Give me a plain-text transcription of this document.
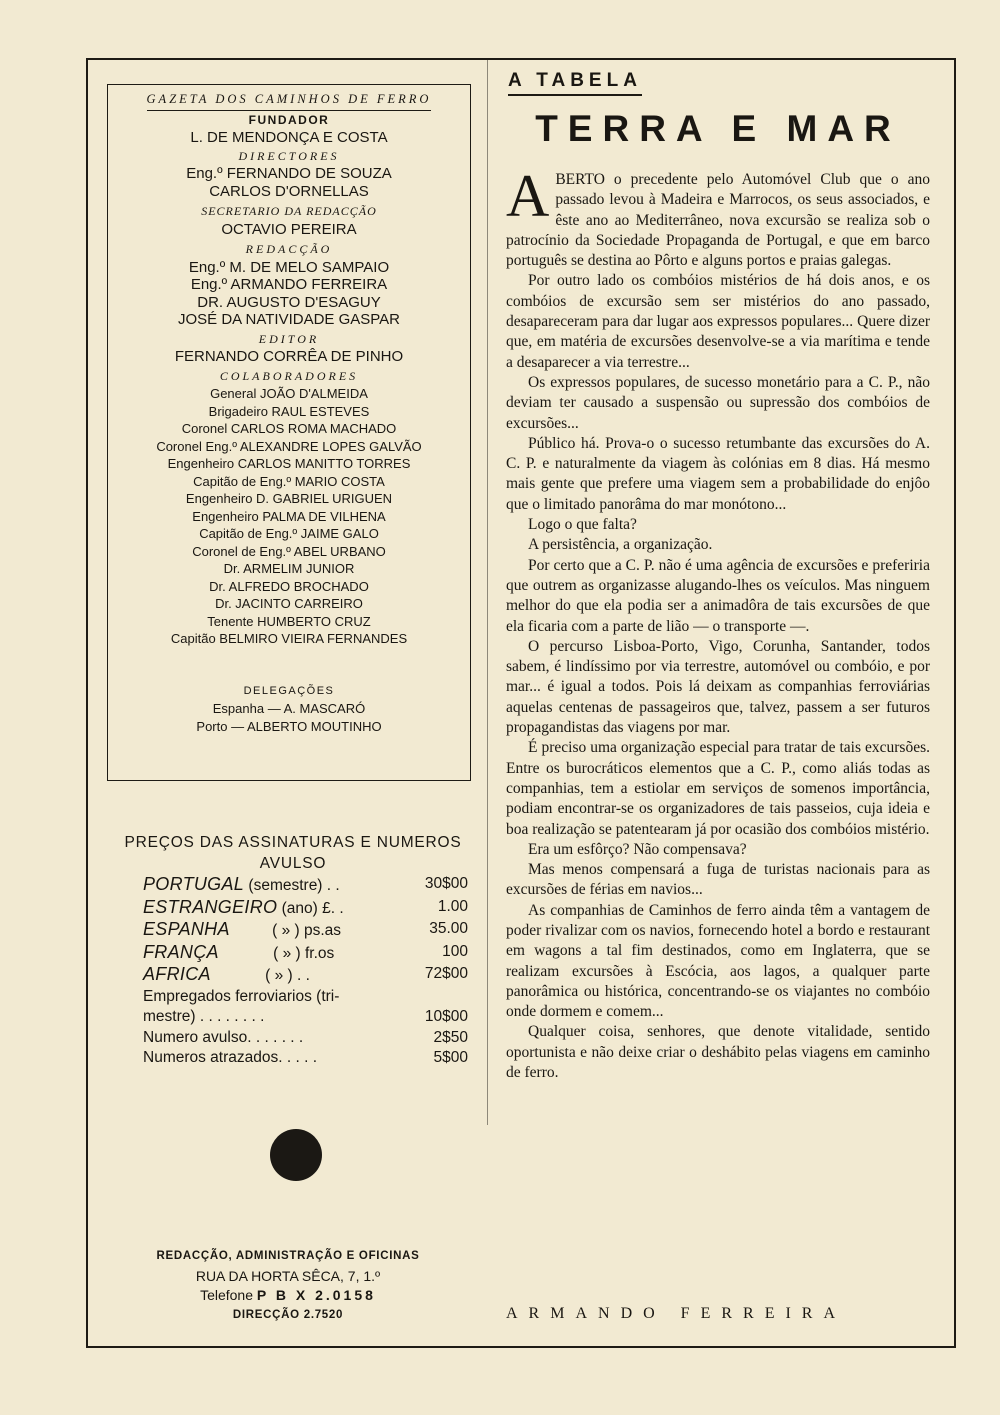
GAZETA DOS CAMINHOS DE FERRO
FUNDADOR
L. DE MENDONÇA E COSTA
DIRECTORES
Eng.º FERNANDO DE SOUZA
CARLOS D'ORNELLAS
SECRETARIO DA REDACÇÃO
OCTAVIO PEREIRA
REDACÇÃO
Eng.º M. DE MELO SAMPAIO
Eng.º ARMANDO FERREIRA
DR. AUGUSTO D'ESAGUY
JOSÉ DA NATIVIDADE GASPAR
EDITOR
FERNANDO CORRÊA DE PINHO
COLABORADORES
General JOÃO D'ALMEIDA
Brigadeiro RAUL ESTEVES
Coronel CARLOS ROMA MACHADO
Coronel Eng.º ALEXANDRE LOPES GALVÃO
Engenheiro CARLOS MANITTO TORRES
Capitão de Eng.º MARIO COSTA
Engenheiro D. GABRIEL URIGUEN
Engenheiro PALMA DE VILHENA
Capitão de Eng.º JAIME GALO
Coronel de Eng.º ABEL URBANO
Dr. ARMELIM JUNIOR
Dr. ALFREDO BROCHADO
Dr. JACINTO CARREIRO
Tenente HUMBERTO CRUZ
Capitão BELMIRO VIEIRA FERNANDES
DELEGAÇÕES
Espanha — A. MASCARÓ
Porto — ALBERTO MOUTINHO
PREÇOS DAS ASSINATURAS E NUMEROS
AVULSO
PORTUGAL (semestre) . .	30$00
ESTRANGEIRO (ano) £. .	1.00
ESPANHA	( » ) ps.as	35.00
FRANÇA	( » ) fr.os	100
AFRICA	( » ) . .	72$00
Empregados ferroviarios (tri-
mestre) . . . . . . . .	10$00
Numero avulso. . . . . . .	2$50
Numeros atrazados. . . . .	5$00
REDACÇÃO, ADMINISTRAÇÃO E OFICINAS
RUA DA HORTA SÊCA, 7, 1.º
Telefone P B X 2.0158
DIRECÇÃO 2.7520
A TABELA
TERRA E MAR

ABERTO o precedente pelo Automóvel Club que o ano passado levou à Madeira e Marrocos, os seus associados, e êste ano ao Mediterrâneo, nova excursão se realiza sob o patrocínio da Sociedade Propaganda de Portugal, e que em barco português se destina ao Pôrto e alguns portos e praias galegas.

Por outro lado os combóios mistérios de há dois anos, e os combóios de excursão sem ser mistérios do ano passado, desapareceram para dar lugar aos expressos populares... Quere dizer que, em matéria de excursões desenvolve-se a via marítima e tende a desaparecer a via terrestre...

Os expressos populares, de sucesso monetário para a C. P., não deviam ter causado a suspensão ou supressão dos combóios de excursões...

Público há. Prova-o o sucesso retumbante das excursões do A. C. P. e naturalmente da viagem às colónias em 8 dias. Há mesmo mais gente que prefere uma viagem sem a probabilidade do enjôo que o limitado panorâma do mar monótono...

Logo o que falta?

A persistência, a organização.

Por certo que a C. P. não é uma agência de excursões e preferiria que outrem as organizasse alugando-lhes os veículos. Mas ninguem melhor do que ela podia ser a animadôra de tais excursões de que ela ficaria com a parte de lião — o transporte —.

O percurso Lisboa-Porto, Vigo, Corunha, Santander, todos sabem, é lindíssimo por via terrestre, automóvel ou combóio, e por mar... é igual a todos. Pois lá deixam as companhias ferroviárias aquelas centenas de passageiros que, talvez, passem a ser futuros propagandistas das viagens por mar.

É preciso uma organização especial para tratar de tais excursões. Entre os burocráticos elementos que a C. P., como aliás todas as companhias, tem a estiolar em serviços de somenos importância, podiam encontrar-se os organizadores de tais passeios, cuja ideia e boa realização se patentearam já por ocasião dos combóios mistério.

Era um esfôrço? Não compensava?

Mas menos compensará a fuga de turistas nacionais para as excursões de férias em navios...

As companhias de Caminhos de ferro ainda têm a vantagem de poder rivalizar com os navios, fornecendo hotel a bordo e restaurant em wagons a tal fim destinados, como em Inglaterra, que se realizam excursões à Escócia, aos lagos, a qualquer parte panorâmica ou histórica, concentrando-se os viajantes no combóio onde dormem e comem...

Qualquer coisa, senhores, que denote vitalidade, sentido oportunista e não deixe criar o deshábito pelas viagens em caminho de ferro.

ARMANDO FERREIRA
